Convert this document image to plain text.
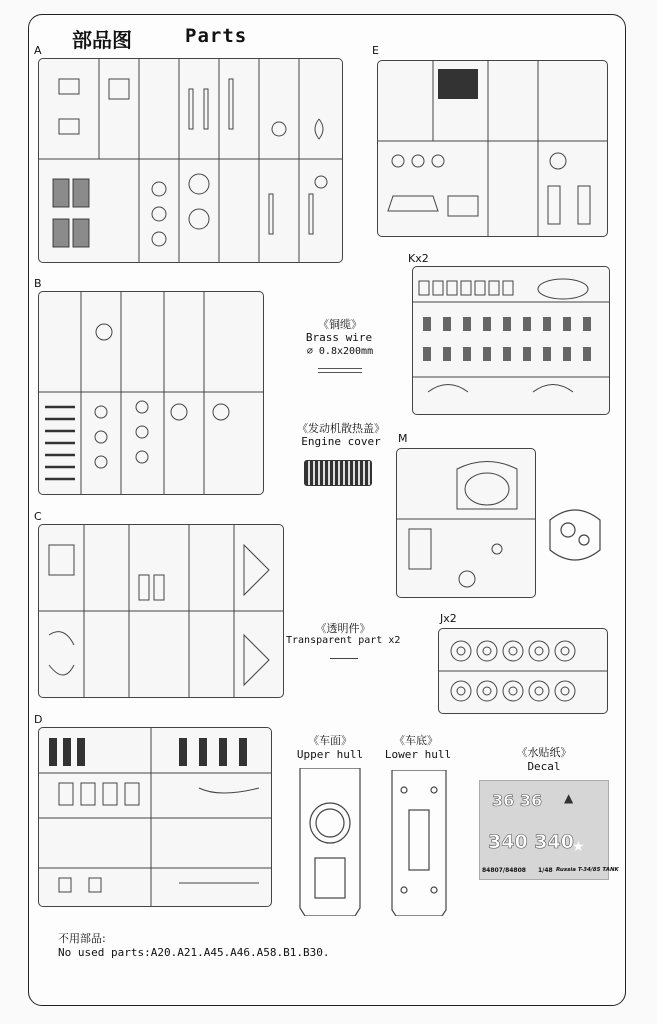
部品图	Parts
A
B
C
D
E
Kx2
M
《铜缆》
Brass wire
∅ 0.8x200mm
《发动机散热盖》
Engine cover
《透明件》
Transparent part x2
Jx2
《车面》
Upper hull
《车底》
Lower hull	《水贴纸》
Decal
36 36
340 340
★
▲
84807/84808 1/48 Russia T-34/85 TANK
不用部品:
No used parts:A20.A21.A45.A46.A58.B1.B30.
